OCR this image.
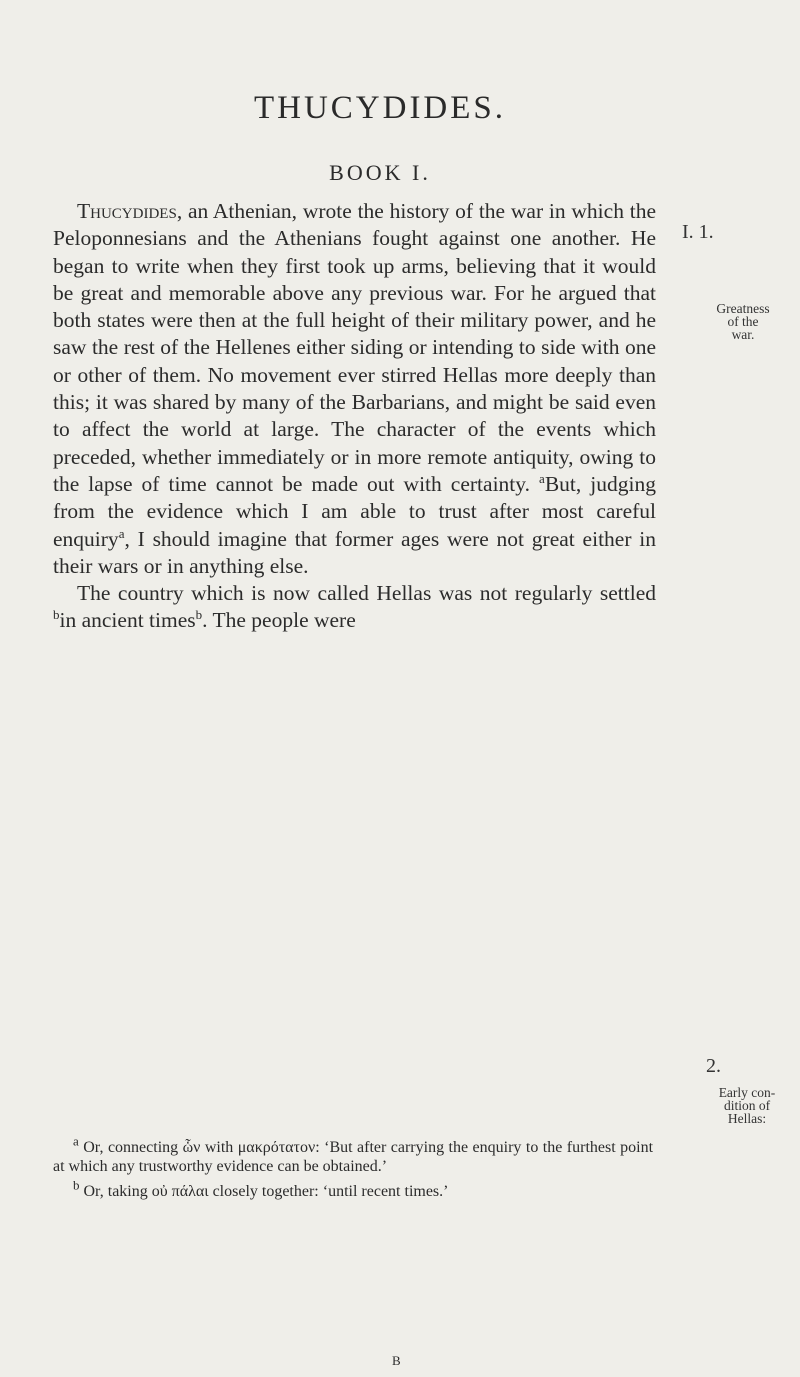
THUCYDIDES.
BOOK I.

Thucydides, an Athenian, wrote the history of the war in which the Peloponnesians and the Athenians fought against one another. He began to write when they first took up arms, believing that it would be great and memorable above any previous war. For he argued that both states were then at the full height of their military power, and he saw the rest of the Hellenes either siding or intending to side with one or other of them. No movement ever stirred Hellas more deeply than this; it was shared by many of the Barbarians, and might be said even to affect the world at large. The character of the events which preceded, whether immediately or in more remote antiquity, owing to the lapse of time cannot be made out with certainty. $^a$But, judging from the evidence which I am able to trust after most careful enquiry$^a$, I should imagine that former ages were not great either in their wars or in anything else.

The country which is now called Hellas was not regularly settled $^b$in ancient times$^b$. The people were

I. 1.
Greatness
of the
war.
2.
Early con-
dition of
Hellas:

$^a$ Or, connecting ὧν with μακρότατον: ‘But after carrying the enquiry to the furthest point at which any trustworthy evidence can be obtained.’

$^b$ Or, taking οὐ πάλαι closely together: ‘until recent times.’

B
